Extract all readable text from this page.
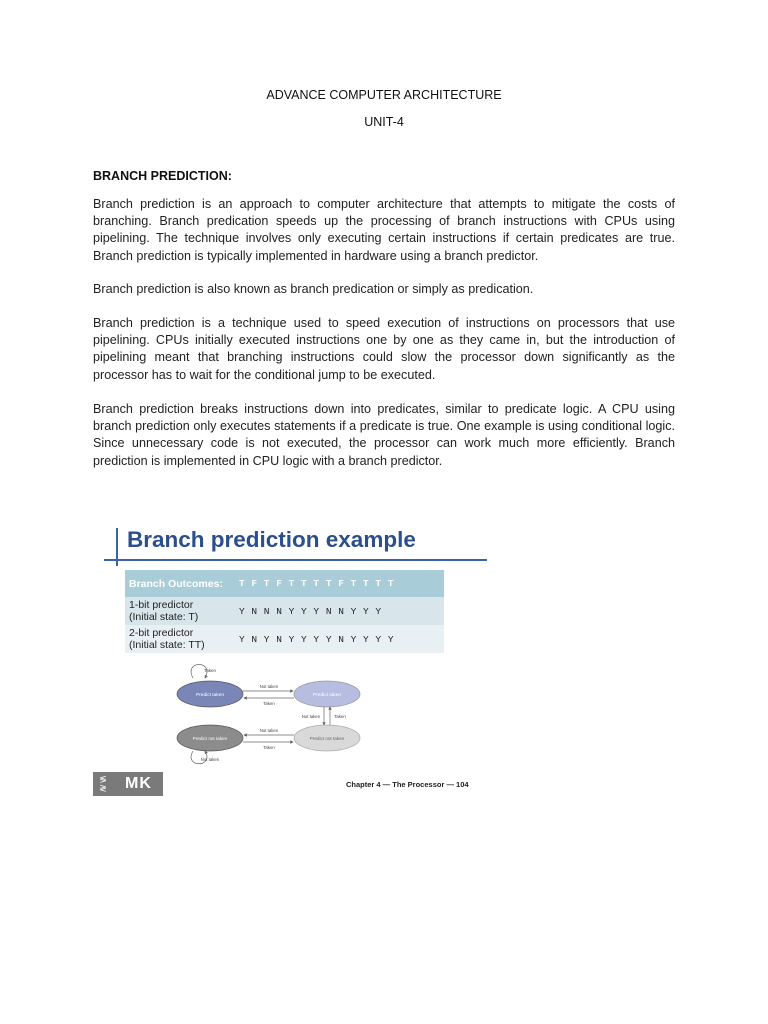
ADVANCE COMPUTER ARCHITECTURE
UNIT-4
BRANCH PREDICTION:

Branch prediction is an approach to computer architecture that attempts to mitigate the costs of branching. Branch predication speeds up the processing of branch instructions with CPUs using pipelining. The technique involves only executing certain instructions if certain predicates are true. Branch prediction is typically implemented in hardware using a branch predictor.

Branch prediction is also known as branch predication or simply as predication.

Branch prediction is a technique used to speed execution of instructions on processors that use pipelining. CPUs initially executed instructions one by one as they came in, but the introduction of pipelining meant that branching instructions could slow the processor down significantly as the processor has to wait for the conditional jump to be executed.

Branch prediction breaks instructions down into predicates, similar to predicate logic. A CPU using branch prediction only executes statements if a predicate is true. One example is using conditional logic. Since unnecessary code is not executed, the processor can work much more efficiently. Branch prediction is implemented in CPU logic with a branch predictor.

Branch prediction example
Branch Outcomes:	T F T F T T T T F T T T T

1-bit predictor
(Initial state: T)	Y N N N Y Y Y N N Y Y Y

2-bit predictor
(Initial state: TT)	Y N Y N Y Y Y Y N Y Y Y Y
Taken
Predict taken	Predict taken
Not taken
Taken
Not taken	Taken
Predict not taken	Predict not taken
Not taken
Taken
Not taken
≶
≷ MK	Chapter 4 — The Processor — 104
